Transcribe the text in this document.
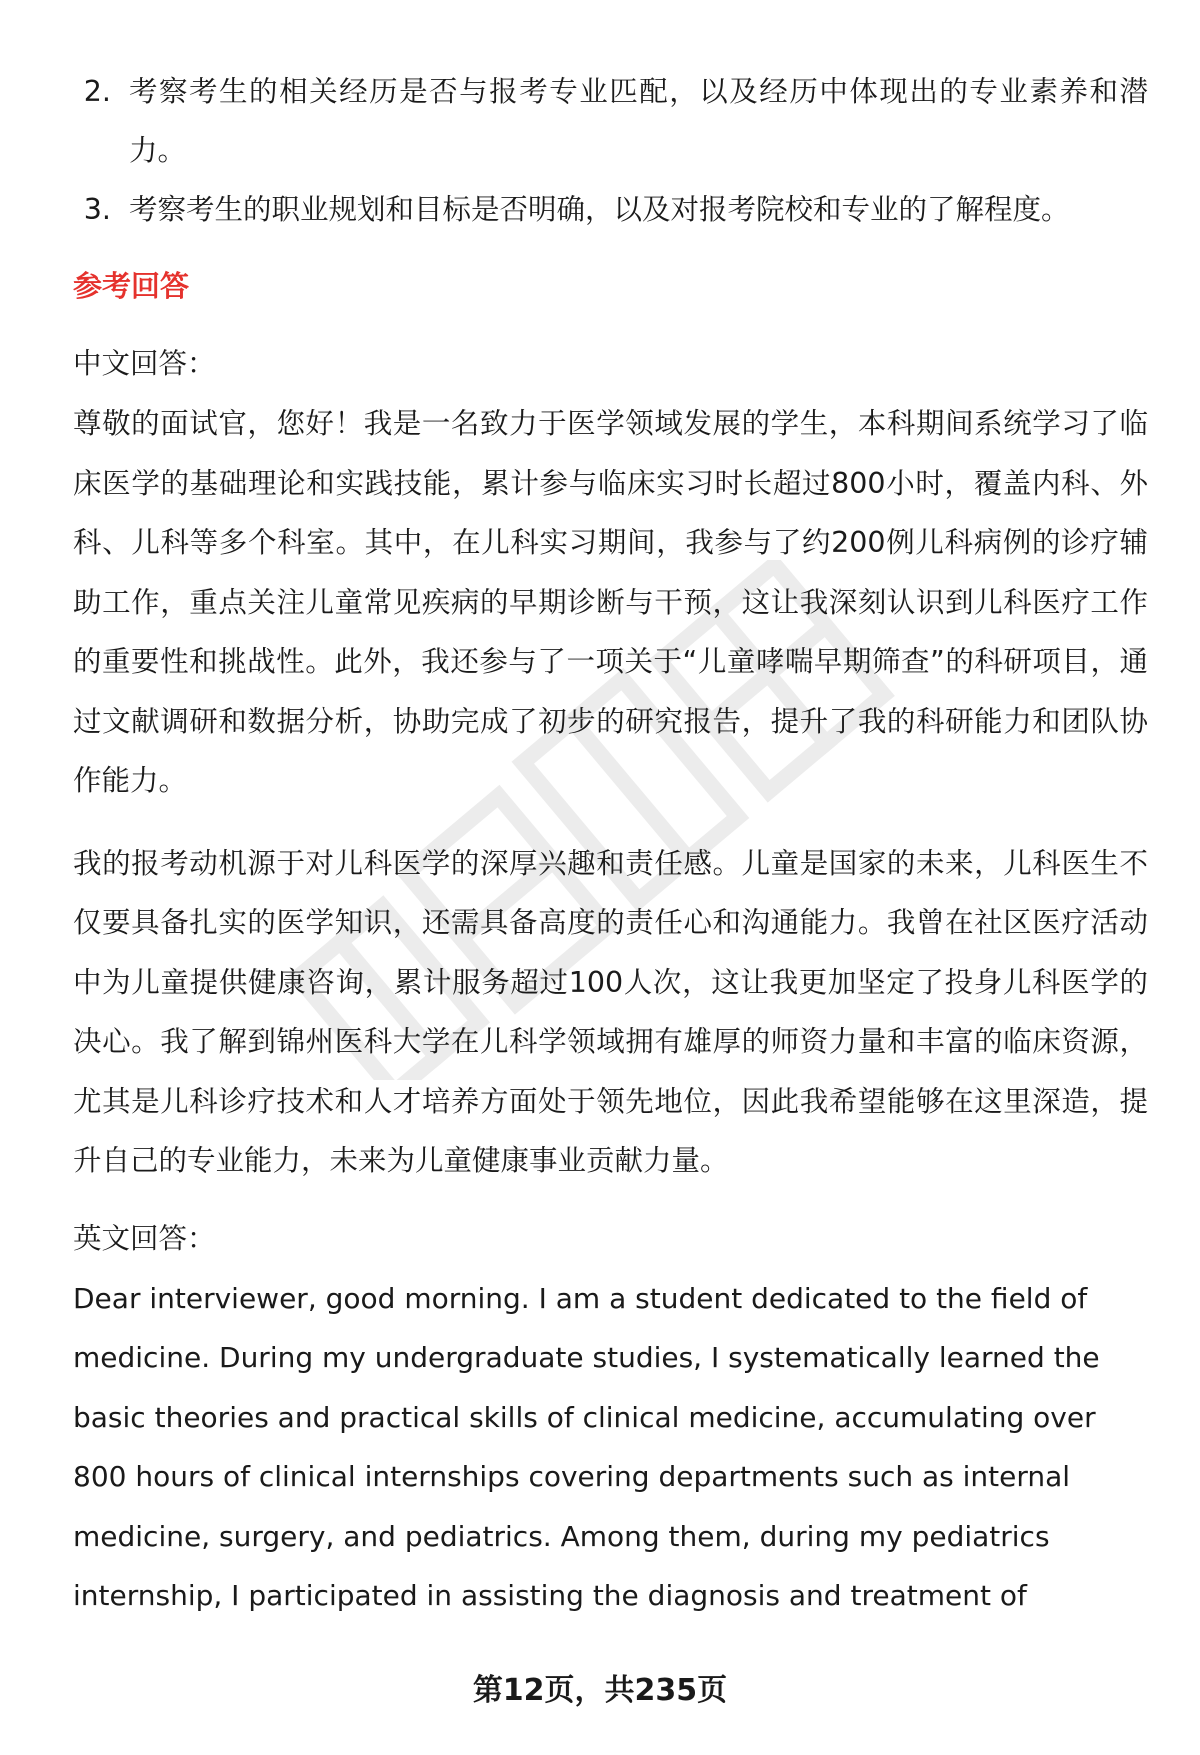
2. 考察考生的相关经历是否与报考专业匹配，以及经历中体现出的专业素养和潜力。
3. 考察考生的职业规划和目标是否明确，以及对报考院校和专业的了解程度。
参考回答
中文回答：

尊敬的面试官，您好！我是一名致力于医学领域发展的学生，本科期间系统学习了临床医学的基础理论和实践技能，累计参与临床实习时长超过800小时，覆盖内科、外科、儿科等多个科室。其中，在儿科实习期间，我参与了约200例儿科病例的诊疗辅助工作，重点关注儿童常见疾病的早期诊断与干预，这让我深刻认识到儿科医疗工作的重要性和挑战性。此外，我还参与了一项关于“儿童哮喘早期筛查”的科研项目，通过文献调研和数据分析，协助完成了初步的研究报告，提升了我的科研能力和团队协作能力。

我的报考动机源于对儿科医学的深厚兴趣和责任感。儿童是国家的未来，儿科医生不仅要具备扎实的医学知识，还需具备高度的责任心和沟通能力。我曾在社区医疗活动中为儿童提供健康咨询，累计服务超过100人次，这让我更加坚定了投身儿科医学的决心。我了解到锦州医科大学在儿科学领域拥有雄厚的师资力量和丰富的临床资源，尤其是儿科诊疗技术和人才培养方面处于领先地位，因此我希望能够在这里深造，提升自己的专业能力，未来为儿童健康事业贡献力量。

英文回答：

Dear interviewer, good morning. I am a student dedicated to the field of medicine. During my undergraduate studies, I systematically learned the basic theories and practical skills of clinical medicine, accumulating over 800 hours of clinical internships covering departments such as internal medicine, surgery, and pediatrics. Among them, during my pediatrics internship, I participated in assisting the diagnosis and treatment of

第12页，共235页
